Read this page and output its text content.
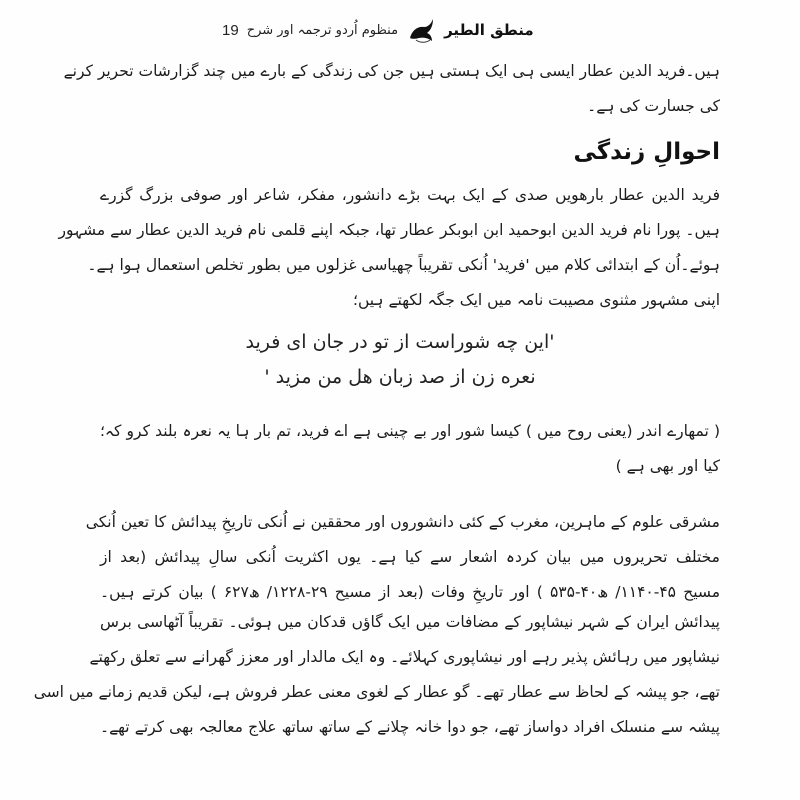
19 منظوم اُردو ترجمہ اور شرح	منطق الطیر
ہیں۔فرید الدین عطار ایسی ہی ایک ہستی ہیں جن کی زندگی کے بارے میں چند گزارشات تحریر کرنے
کی جسارت کی ہے۔
احوالِ زندگی
فرید الدین عطار بارھویں صدی کے ایک بہت بڑے دانشور، مفکر، شاعر اور صوفی بزرگ گزرے
ہیں۔ پورا نام فرید الدین ابوحمید ابن ابوبکر عطار تھا، جبکہ اپنے قلمی نام فرید الدین عطار سے مشہور
ہوئے۔اُن کے ابتدائی کلام میں 'فرید' اُنکی تقریباً چھیاسی غزلوں میں بطور تخلص استعمال ہوا ہے۔
اپنی مشہور مثنوی مصیبت نامہ میں ایک جگہ لکھتے ہیں؛
'این چه شوراست از تو در جان ای فرید
نعره زن از صد زبان هل من مزید '
( تمھارے اندر (یعنی روح میں ) کیسا شور اور بے چینی ہے اے فرید، تم بار ہا یہ نعرہ بلند کرو کہ؛
کیا اور بھی ہے )
مشرقی علوم کے ماہرین، مغرب کے کئی دانشوروں اور محققین نے اُنکی تاریخِ پیدائش کا تعین اُنکی
مختلف تحریروں میں بیان کردہ اشعار سے کیا ہے۔ یوں اکثریت اُنکی سالِ پیدائش (بعد از
مسیح ۴۵-۱۱۴۰/ ھ۴۰-۵۳۵ ) اور تاریخِ وفات (بعد از مسیح ۲۹-۱۲۲۸/ ھ۶۲۷ ) بیان کرتے ہیں۔
پیدائش ایران کے شہر نیشاپور کے مضافات میں ایک گاؤں قدکان میں ہوئی۔ تقریباً آٹھاسی برس
نیشاپور میں رہائش پذیر رہے اور نیشاپوری کہلائے۔ وہ ایک مالدار اور معزز گھرانے سے تعلق رکھتے
تھے، جو پیشہ کے لحاظ سے عطار تھے۔ گو عطار کے لغوی معنی عطر فروش ہے، لیکن قدیم زمانے میں اسی
پیشہ سے منسلک افراد دواساز تھے، جو دوا خانہ چلانے کے ساتھ ساتھ علاج معالجہ بھی کرتے تھے۔
